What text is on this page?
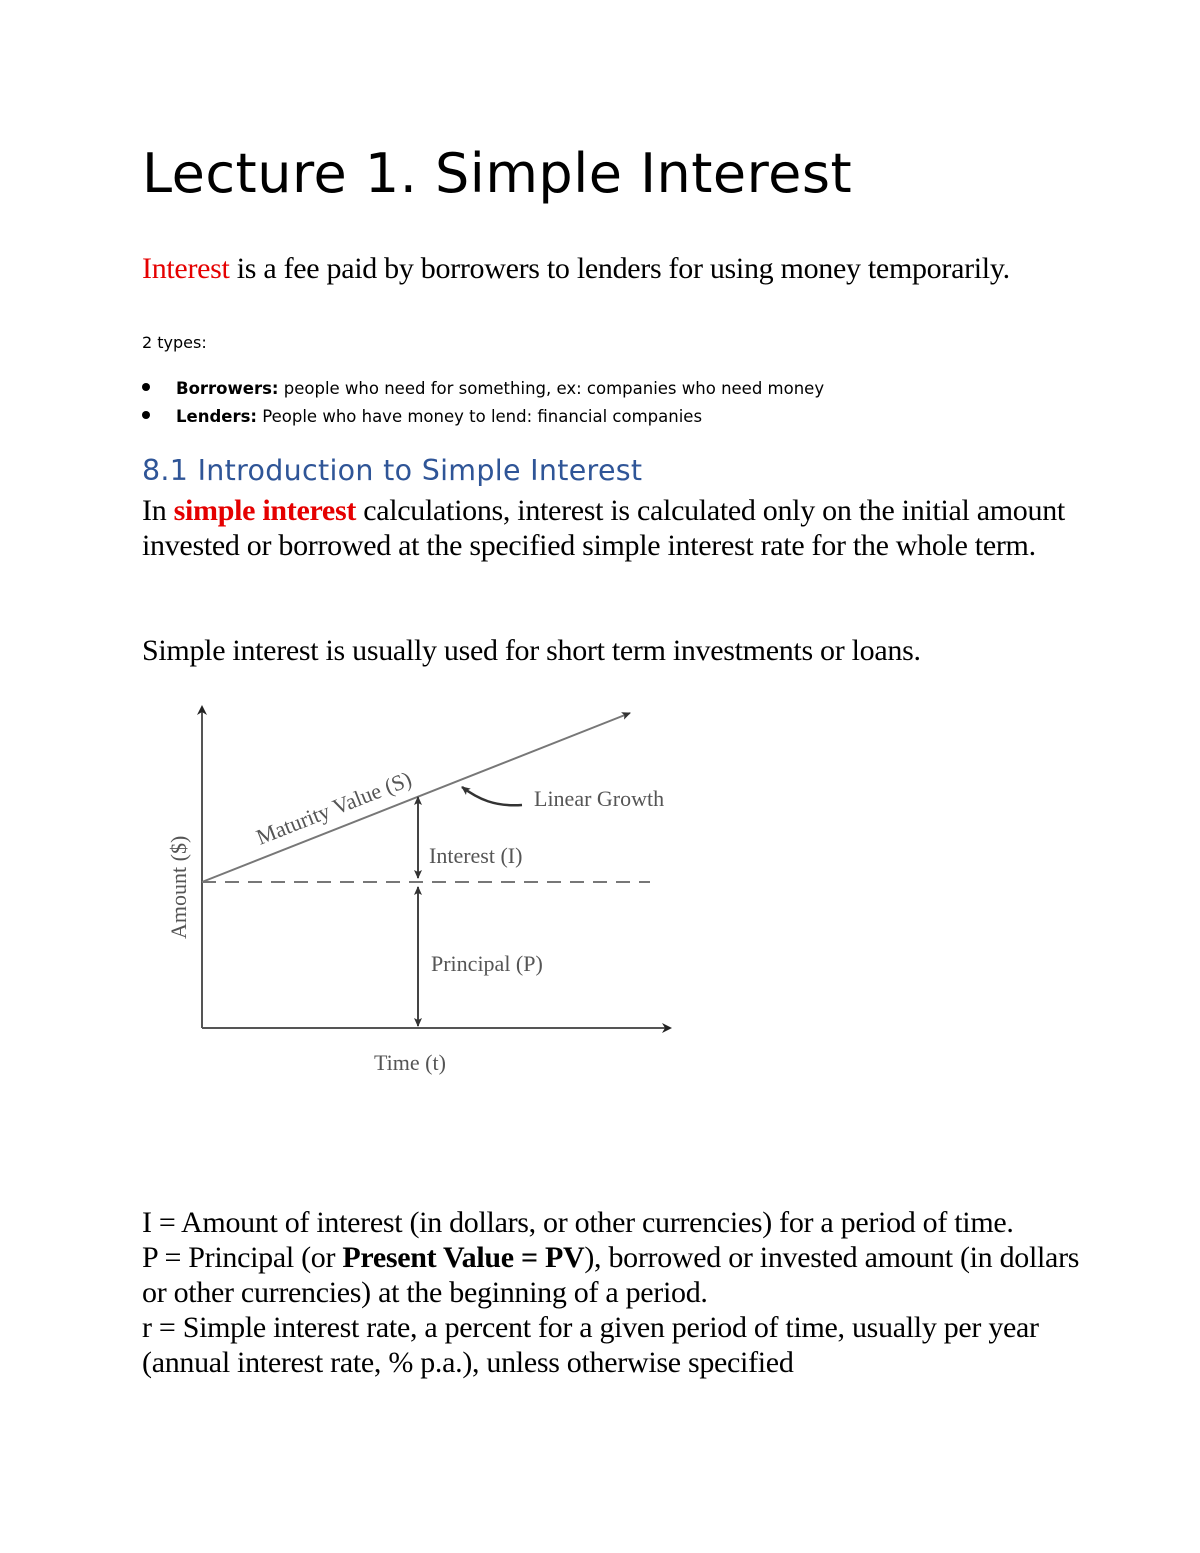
Lecture 1. Simple Interest

Interest is a fee paid by borrowers to lenders for using money temporarily.

2 types:

Borrowers: people who need for something, ex: companies who need money
Lenders: People who have money to lend: financial companies
8.1 Introduction to Simple Interest

In simple interest calculations, interest is calculated only on the initial amount invested or borrowed at the specified simple interest rate for the whole term.

Simple interest is usually used for short term investments or loans.

Maturity Value (S)	Linear Growth
Interest (I)
Principal (P)
Time (t)
Amount ($)

I = Amount of interest (in dollars, or other currencies) for a period of time.

P = Principal (or Present Value = PV), borrowed or invested amount (in dollars or other currencies) at the beginning of a period.

r = Simple interest rate, a percent for a given period of time, usually per year (annual interest rate, % p.a.), unless otherwise specified
